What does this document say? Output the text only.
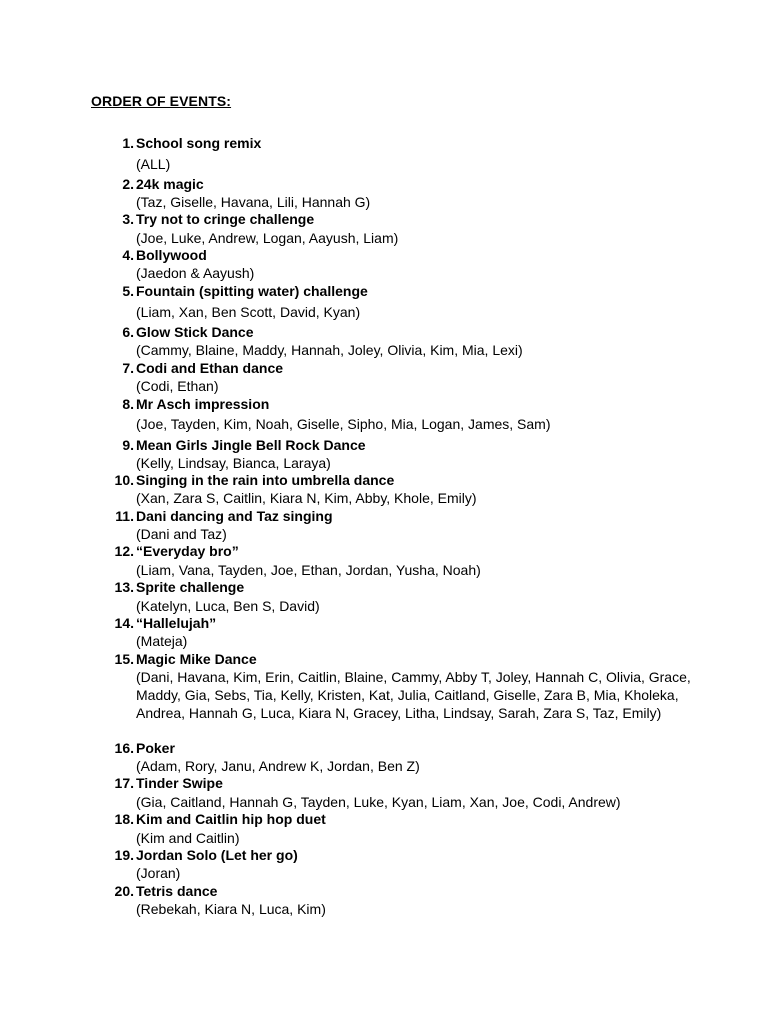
ORDER OF EVENTS:
1. School song remix
(ALL)
2. 24k magic
(Taz, Giselle, Havana, Lili, Hannah G)
3. Try not to cringe challenge
(Joe, Luke, Andrew, Logan, Aayush, Liam)
4. Bollywood
(Jaedon & Aayush)
5. Fountain (spitting water) challenge
(Liam, Xan, Ben Scott, David, Kyan)
6. Glow Stick Dance
(Cammy, Blaine, Maddy, Hannah, Joley, Olivia, Kim, Mia, Lexi)
7. Codi and Ethan dance
(Codi, Ethan)
8. Mr Asch impression
(Joe, Tayden, Kim, Noah, Giselle, Sipho, Mia, Logan, James, Sam)
9. Mean Girls Jingle Bell Rock Dance
(Kelly, Lindsay, Bianca, Laraya)
10. Singing in the rain into umbrella dance
(Xan, Zara S, Caitlin, Kiara N, Kim, Abby, Khole, Emily)
11. Dani dancing and Taz singing
(Dani and Taz)
12. “Everyday bro”
(Liam, Vana, Tayden, Joe, Ethan, Jordan, Yusha, Noah)
13. Sprite challenge
(Katelyn, Luca, Ben S, David)
14. “Hallelujah”
(Mateja)
15. Magic Mike Dance
(Dani, Havana, Kim, Erin, Caitlin, Blaine, Cammy, Abby T, Joley, Hannah C, Olivia, Grace, Maddy, Gia, Sebs, Tia, Kelly, Kristen, Kat, Julia, Caitland, Giselle, Zara B, Mia, Kholeka, Andrea, Hannah G, Luca, Kiara N, Gracey, Litha, Lindsay, Sarah, Zara S, Taz, Emily)
16. Poker
(Adam, Rory, Janu, Andrew K, Jordan, Ben Z)
17. Tinder Swipe
(Gia, Caitland, Hannah G, Tayden, Luke, Kyan, Liam, Xan, Joe, Codi, Andrew)
18. Kim and Caitlin hip hop duet
(Kim and Caitlin)
19. Jordan Solo (Let her go)
(Joran)
20. Tetris dance
(Rebekah, Kiara N, Luca, Kim)
